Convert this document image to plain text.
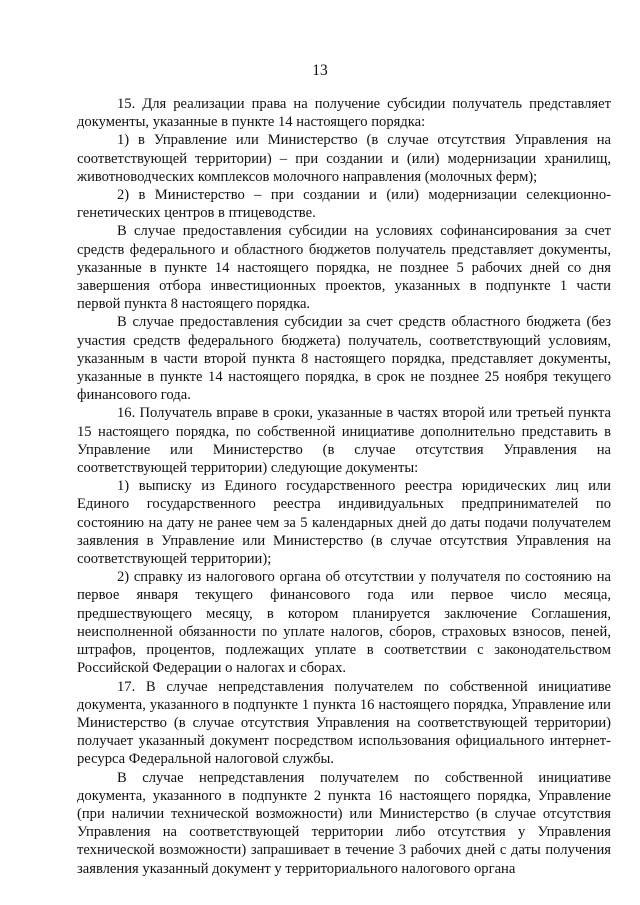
13

15. Для реализации права на получение субсидии получатель представляет документы, указанные в пункте 14 настоящего порядка:

1) в Управление или Министерство (в случае отсутствия Управления на соответствующей территории) – при создании и (или) модернизации хранилищ, животноводческих комплексов молочного направления (молочных ферм);

2) в Министерство – при создании и (или) модернизации селекционно-генетических центров в птицеводстве.

В случае предоставления субсидии на условиях софинансирования за счет средств федерального и областного бюджетов получатель представляет документы, указанные в пункте 14 настоящего порядка, не позднее 5 рабочих дней со дня завершения отбора инвестиционных проектов, указанных в подпункте 1 части первой пункта 8 настоящего порядка.

В случае предоставления субсидии за счет средств областного бюджета (без участия средств федерального бюджета) получатель, соответствующий условиям, указанным в части второй пункта 8 настоящего порядка, представляет документы, указанные в пункте 14 настоящего порядка, в срок не позднее 25 ноября текущего финансового года.

16. Получатель вправе в сроки, указанные в частях второй или третьей пункта 15 настоящего порядка, по собственной инициативе дополнительно представить в Управление или Министерство (в случае отсутствия Управления на соответствующей территории) следующие документы:

1) выписку из Единого государственного реестра юридических лиц или Единого государственного реестра индивидуальных предпринимателей по состоянию на дату не ранее чем за 5 календарных дней до даты подачи получателем заявления в Управление или Министерство (в случае отсутствия Управления на соответствующей территории);

2) справку из налогового органа об отсутствии у получателя по состоянию на первое января текущего финансового года или первое число месяца, предшествующего месяцу, в котором планируется заключение Соглашения, неисполненной обязанности по уплате налогов, сборов, страховых взносов, пеней, штрафов, процентов, подлежащих уплате в соответствии с законодательством Российской Федерации о налогах и сборах.

17. В случае непредставления получателем по собственной инициативе документа, указанного в подпункте 1 пункта 16 настоящего порядка, Управление или Министерство (в случае отсутствия Управления на соответствующей территории) получает указанный документ посредством использования официального интернет-ресурса Федеральной налоговой службы.

В случае непредставления получателем по собственной инициативе документа, указанного в подпункте 2 пункта 16 настоящего порядка, Управление (при наличии технической возможности) или Министерство (в случае отсутствия Управления на соответствующей территории либо отсутствия у Управления технической возможности) запрашивает в течение 3 рабочих дней с даты получения заявления указанный документ у территориального налогового органа
